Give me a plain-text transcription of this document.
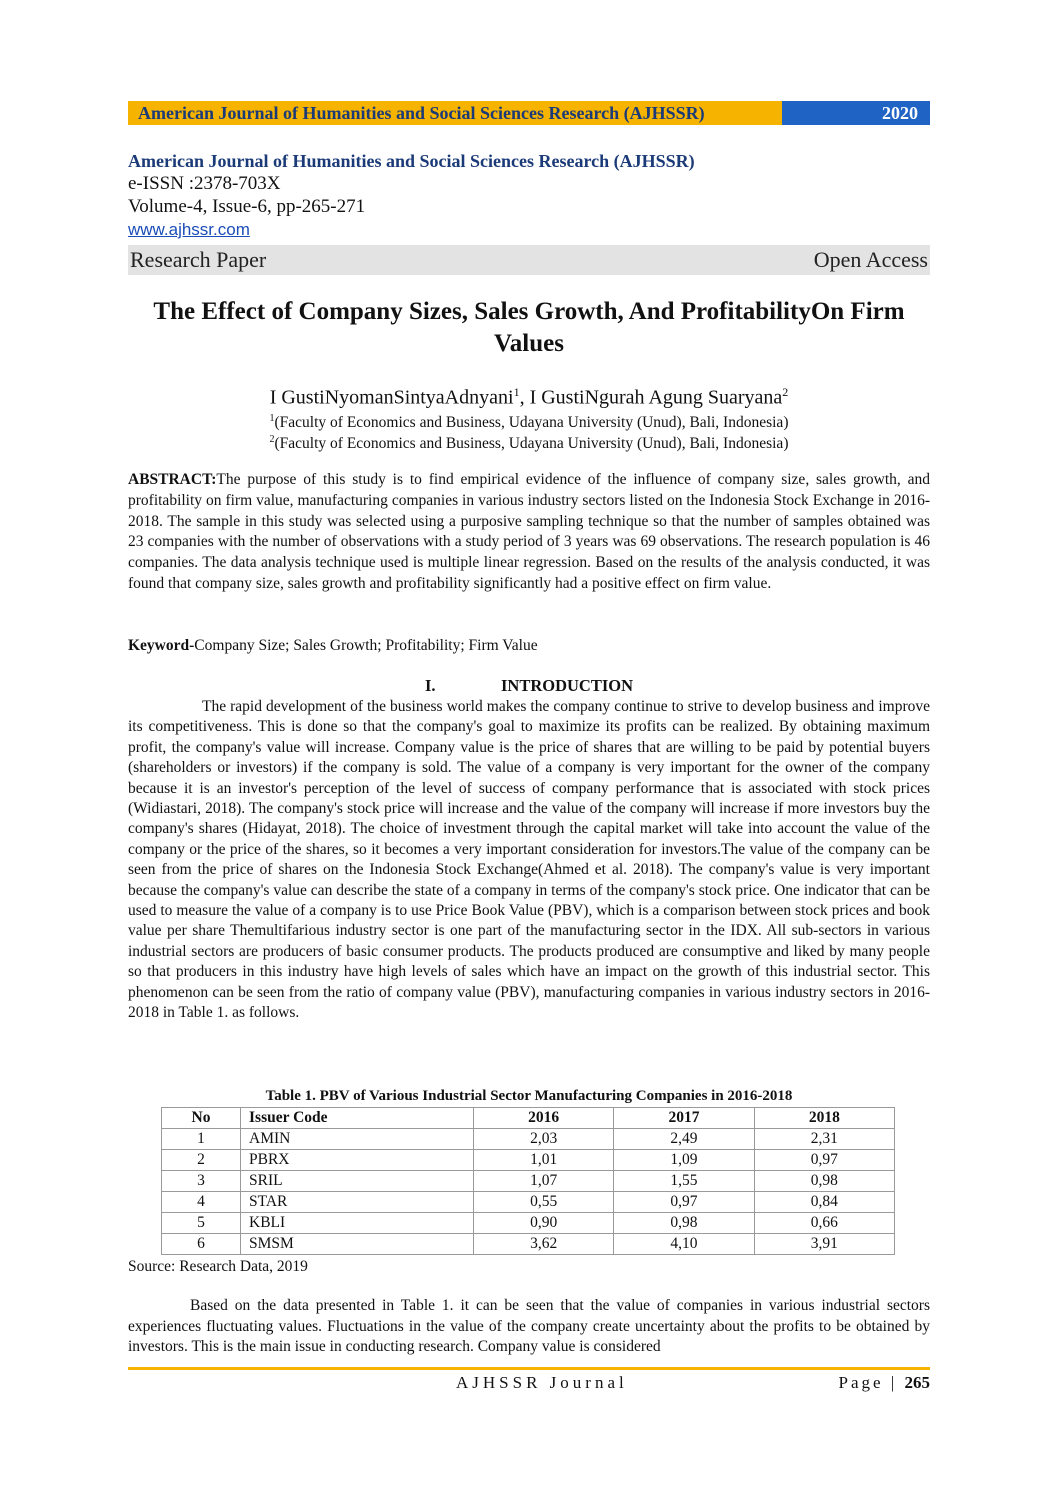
American Journal of Humanities and Social Sciences Research (AJHSSR)	2020
American Journal of Humanities and Social Sciences Research (AJHSSR)
e-ISSN :2378-703X
Volume-4, Issue-6, pp-265-271
www.ajhssr.com
Research Paper	Open Access
The Effect of Company Sizes, Sales Growth, And ProfitabilityOn Firm Values
I GustiNyomanSintyaAdnyani$^1$, I GustiNgurah Agung Suaryana$^2$
$^1$(Faculty of Economics and Business, Udayana University (Unud), Bali, Indonesia)
$^2$(Faculty of Economics and Business, Udayana University (Unud), Bali, Indonesia)
ABSTRACT:The purpose of this study is to find empirical evidence of the influence of company size, sales growth, and profitability on firm value, manufacturing companies in various industry sectors listed on the Indonesia Stock Exchange in 2016-2018. The sample in this study was selected using a purposive sampling technique so that the number of samples obtained was 23 companies with the number of observations with a study period of 3 years was 69 observations. The research population is 46 companies. The data analysis technique used is multiple linear regression. Based on the results of the analysis conducted, it was found that company size, sales growth and profitability significantly had a positive effect on firm value.
Keyword-Company Size; Sales Growth; Profitability; Firm Value
I.	INTRODUCTION

The rapid development of the business world makes the company continue to strive to develop business and improve its competitiveness. This is done so that the company's goal to maximize its profits can be realized. By obtaining maximum profit, the company's value will increase. Company value is the price of shares that are willing to be paid by potential buyers (shareholders or investors) if the company is sold. The value of a company is very important for the owner of the company because it is an investor's perception of the level of success of company performance that is associated with stock prices (Widiastari, 2018). The company's stock price will increase and the value of the company will increase if more investors buy the company's shares (Hidayat, 2018). The choice of investment through the capital market will take into account the value of the company or the price of the shares, so it becomes a very important consideration for investors.The value of the company can be seen from the price of shares on the Indonesia Stock Exchange(Ahmed et al. 2018). The company's value is very important because the company's value can describe the state of a company in terms of the company's stock price. One indicator that can be used to measure the value of a company is to use Price Book Value (PBV), which is a comparison between stock prices and book value per share Themultifarious industry sector is one part of the manufacturing sector in the IDX. All sub-sectors in various industrial sectors are producers of basic consumer products. The products produced are consumptive and liked by many people so that producers in this industry have high levels of sales which have an impact on the growth of this industrial sector. This phenomenon can be seen from the ratio of company value (PBV), manufacturing companies in various industry sectors in 2016-2018 in Table 1. as follows.

Table 1. PBV of Various Industrial Sector Manufacturing Companies in 2016-2018
No	Issuer Code	2016	2017	2018
1	AMIN	2,03	2,49	2,31
2	PBRX	1,01	1,09	0,97
3	SRIL	1,07	1,55	0,98
4	STAR	0,55	0,97	0,84
5	KBLI	0,90	0,98	0,66
6	SMSM	3,62	4,10	3,91
Source: Research Data, 2019

Based on the data presented in Table 1. it can be seen that the value of companies in various industrial sectors experiences fluctuating values. Fluctuations in the value of the company create uncertainty about the profits to be obtained by investors. This is the main issue in conducting research. Company value is considered

AJHSSR Journal	Page | 265
